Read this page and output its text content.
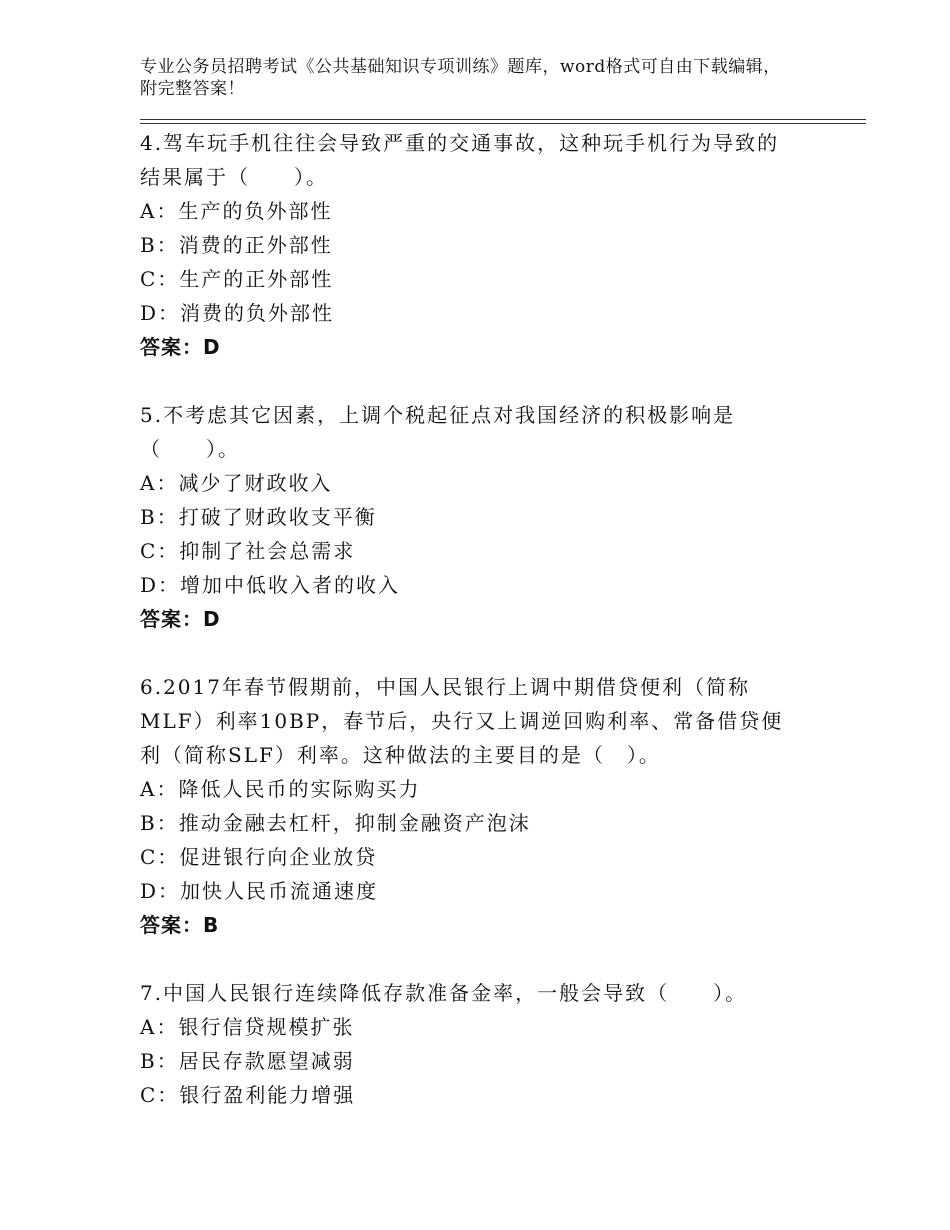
专业公务员招聘考试《公共基础知识专项训练》题库，word格式可自由下载编辑，附完整答案！

4.驾车玩手机往往会导致严重的交通事故，这种玩手机行为导致的结果属于（　　）。

A：生产的负外部性

B：消费的正外部性

C：生产的正外部性

D：消费的负外部性

答案：D

5.不考虑其它因素，上调个税起征点对我国经济的积极影响是（　　）。

A：减少了财政收入

B：打破了财政收支平衡

C：抑制了社会总需求

D：增加中低收入者的收入

答案：D

6.2017年春节假期前，中国人民银行上调中期借贷便利（简称MLF）利率10BP，春节后，央行又上调逆回购利率、常备借贷便利（简称SLF）利率。这种做法的主要目的是（　）。

A：降低人民币的实际购买力

B：推动金融去杠杆，抑制金融资产泡沫

C：促进银行向企业放贷

D：加快人民币流通速度

答案：B

7.中国人民银行连续降低存款准备金率，一般会导致（　　）。

A：银行信贷规模扩张

B：居民存款愿望减弱

C：银行盈利能力增强
